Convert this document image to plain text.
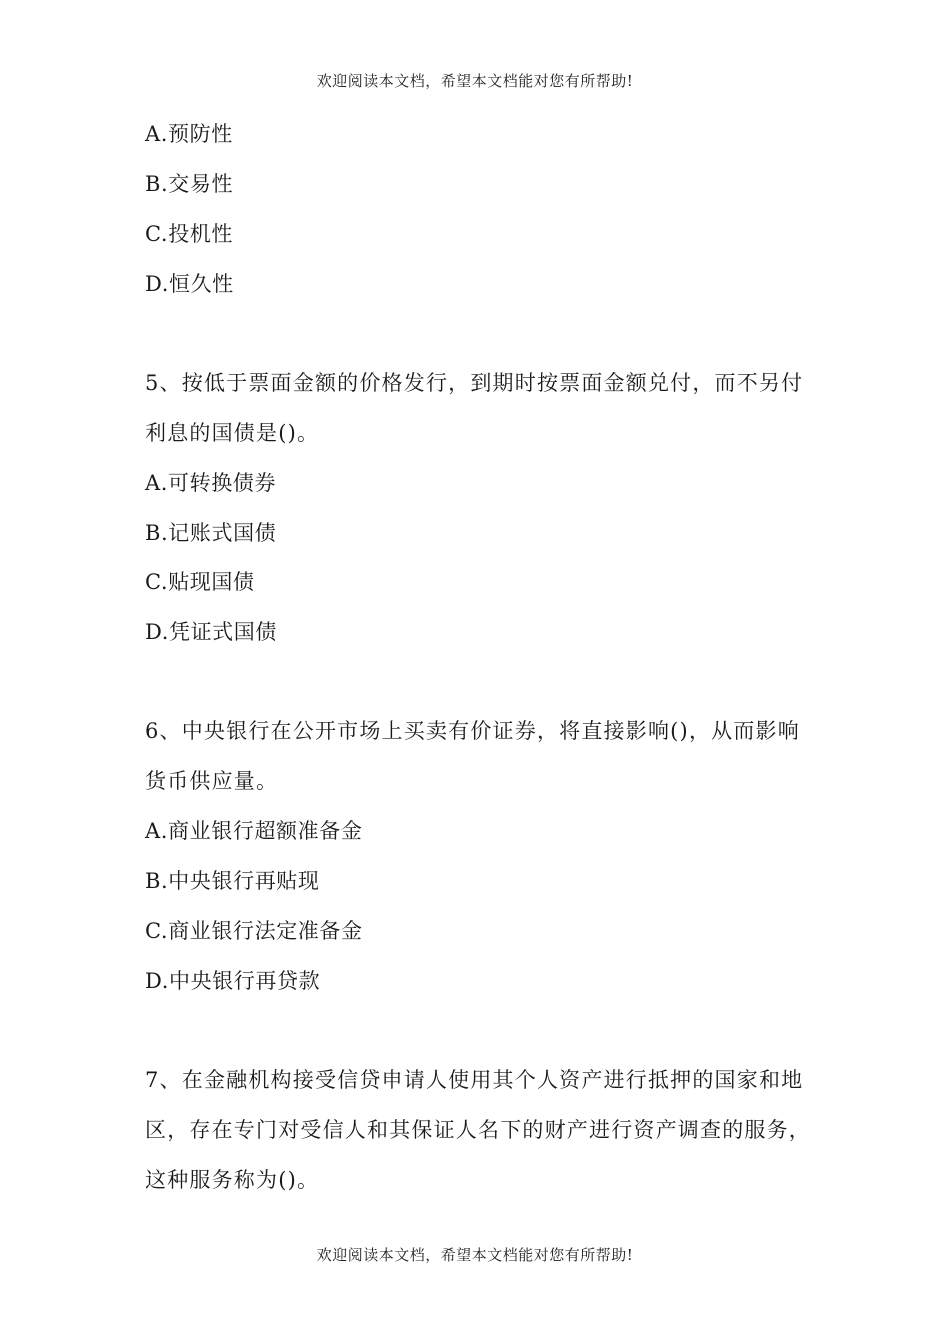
欢迎阅读本文档，希望本文档能对您有所帮助!
A.预防性
B.交易性
C.投机性
D.恒久性
5、按低于票面金额的价格发行，到期时按票面金额兑付，而不另付
利息的国债是()。
A.可转换债券
B.记账式国债
C.贴现国债
D.凭证式国债
6、中央银行在公开市场上买卖有价证券，将直接影响()，从而影响
货币供应量。
A.商业银行超额准备金
B.中央银行再贴现
C.商业银行法定准备金
D.中央银行再贷款
7、在金融机构接受信贷申请人使用其个人资产进行抵押的国家和地
区，存在专门对受信人和其保证人名下的财产进行资产调查的服务，
这种服务称为()。
欢迎阅读本文档，希望本文档能对您有所帮助!
